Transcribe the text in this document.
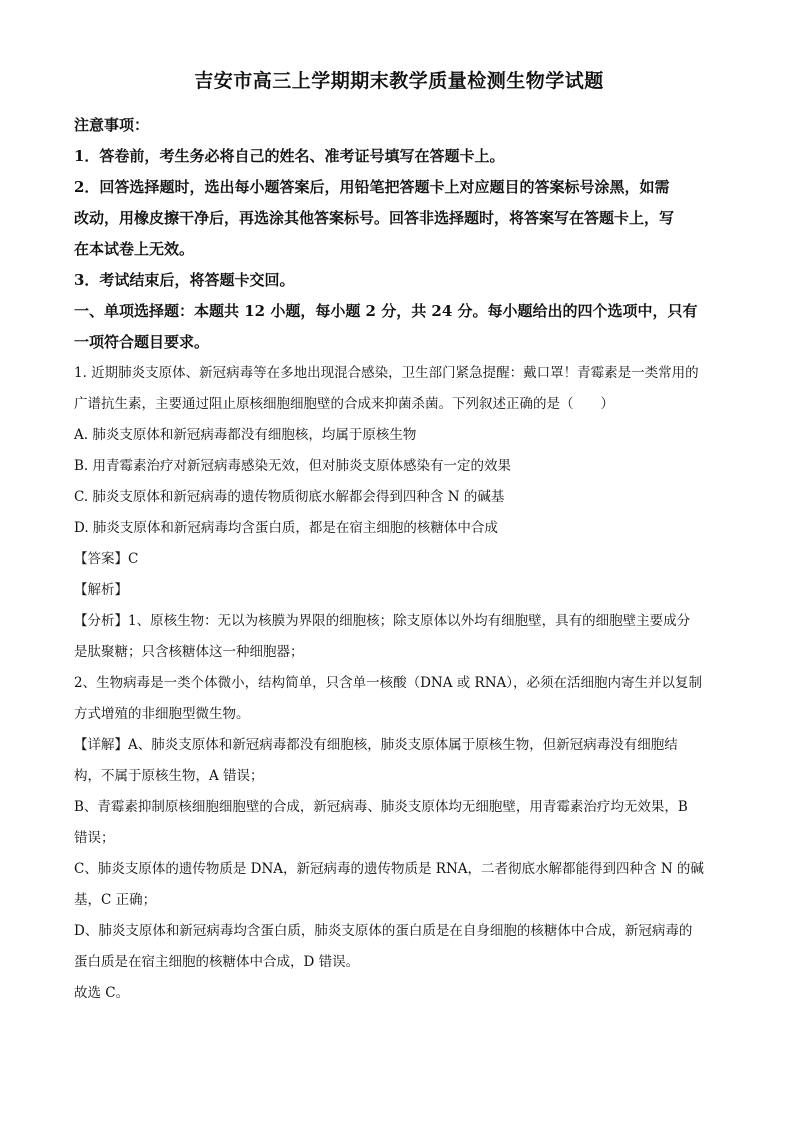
吉安市高三上学期期末教学质量检测生物学试题

注意事项：

1．答卷前，考生务必将自己的姓名、准考证号填写在答题卡上。

2．回答选择题时，选出每小题答案后，用铅笔把答题卡上对应题目的答案标号涂黑，如需

改动，用橡皮擦干净后，再选涂其他答案标号。回答非选择题时，将答案写在答题卡上，写

在本试卷上无效。

3．考试结束后，将答题卡交回。

一、单项选择题：本题共 12 小题，每小题 2 分，共 24 分。每小题给出的四个选项中，只有

一项符合题目要求。

1. 近期肺炎支原体、新冠病毒等在多地出现混合感染，卫生部门紧急提醒：戴口罩！青霉素是一类常用的

广谱抗生素，主要通过阻止原核细胞细胞壁的合成来抑菌杀菌。下列叙述正确的是（　　）

A. 肺炎支原体和新冠病毒都没有细胞核，均属于原核生物

B. 用青霉素治疗对新冠病毒感染无效，但对肺炎支原体感染有一定的效果

C. 肺炎支原体和新冠病毒的遗传物质彻底水解都会得到四种含 N 的碱基

D. 肺炎支原体和新冠病毒均含蛋白质，都是在宿主细胞的核糖体中合成

【答案】C

【解析】

【分析】1、原核生物：无以为核膜为界限的细胞核；除支原体以外均有细胞壁，具有的细胞壁主要成分

是肽聚糖；只含核糖体这一种细胞器；

2、生物病毒是一类个体微小，结构简单，只含单一核酸（DNA 或 RNA），必须在活细胞内寄生并以复制

方式增殖的非细胞型微生物。

【详解】A、肺炎支原体和新冠病毒都没有细胞核，肺炎支原体属于原核生物，但新冠病毒没有细胞结

构，不属于原核生物，A 错误；

B、青霉素抑制原核细胞细胞壁的合成，新冠病毒、肺炎支原体均无细胞壁，用青霉素治疗均无效果，B

错误；

C、肺炎支原体的遗传物质是 DNA，新冠病毒的遗传物质是 RNA，二者彻底水解都能得到四种含 N 的碱

基，C 正确；

D、肺炎支原体和新冠病毒均含蛋白质，肺炎支原体的蛋白质是在自身细胞的核糖体中合成，新冠病毒的

蛋白质是在宿主细胞的核糖体中合成，D 错误。

故选 C。
